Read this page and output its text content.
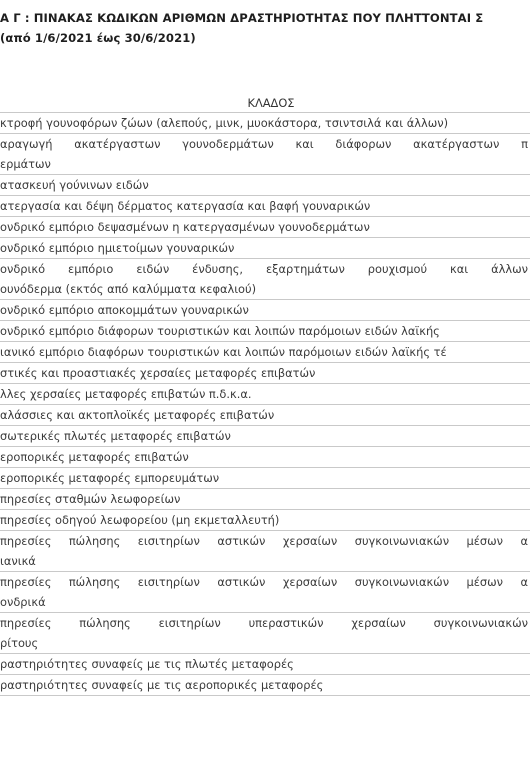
Α Γ : ΠΙΝΑΚΑΣ ΚΩΔΙΚΩΝ ΑΡΙΘΜΩΝ ΔΡΑΣΤΗΡΙΟΤΗΤΑΣ ΠΟΥ ΠΛΗΤΤΟΝΤΑΙ Σ
(από 1/6/2021 έως 30/6/2021)
ΚΛΑΔΟΣ
κτροφή γουνοφόρων ζώων (αλεπούς, μινκ, μυοκάστορα, τσιντσιλά και άλλων)
αραγωγή ακατέργαστων γουνοδερμάτων και διάφορων ακατέργαστων π
ερμάτων
ατασκευή γούνινων ειδών
ατεργασία και δέψη δέρματος κατεργασία και βαφή γουναρικών
ονδρικό εμπόριο δεψασμένων η κατεργασμένων γουνοδερμάτων
ονδρικό εμπόριο ημιετοίμων γουναρικών
ονδρικό εμπόριο ειδών ένδυσης, εξαρτημάτων ρουχισμού και άλλων
ουνόδερμα (εκτός από καλύμματα κεφαλιού)
ονδρικό εμπόριο αποκομμάτων γουναρικών
ονδρικό εμπόριο διάφορων τουριστικών και λοιπών παρόμοιων ειδών λαϊκής
ιανικό εμπόριο διαφόρων τουριστικών και λοιπών παρόμοιων ειδών λαϊκής τέ
στικές και προαστιακές χερσαίες μεταφορές επιβατών
λλες χερσαίες μεταφορές επιβατών π.δ.κ.α.
αλάσσιες και ακτοπλοϊκές μεταφορές επιβατών
σωτερικές πλωτές μεταφορές επιβατών
εροπορικές μεταφορές επιβατών
εροπορικές μεταφορές εμπορευμάτων
πηρεσίες σταθμών λεωφορείων
πηρεσίες οδηγού λεωφορείου (μη εκμεταλλευτή)
πηρεσίες πώλησης εισιτηρίων αστικών χερσαίων συγκοινωνιακών μέσων α
ιανικά
πηρεσίες πώλησης εισιτηρίων αστικών χερσαίων συγκοινωνιακών μέσων α
ονδρικά
πηρεσίες πώλησης εισιτηρίων υπεραστικών χερσαίων συγκοινωνιακών
ρίτους
ραστηριότητες συναφείς με τις πλωτές μεταφορές
ραστηριότητες συναφείς με τις αεροπορικές μεταφορές
